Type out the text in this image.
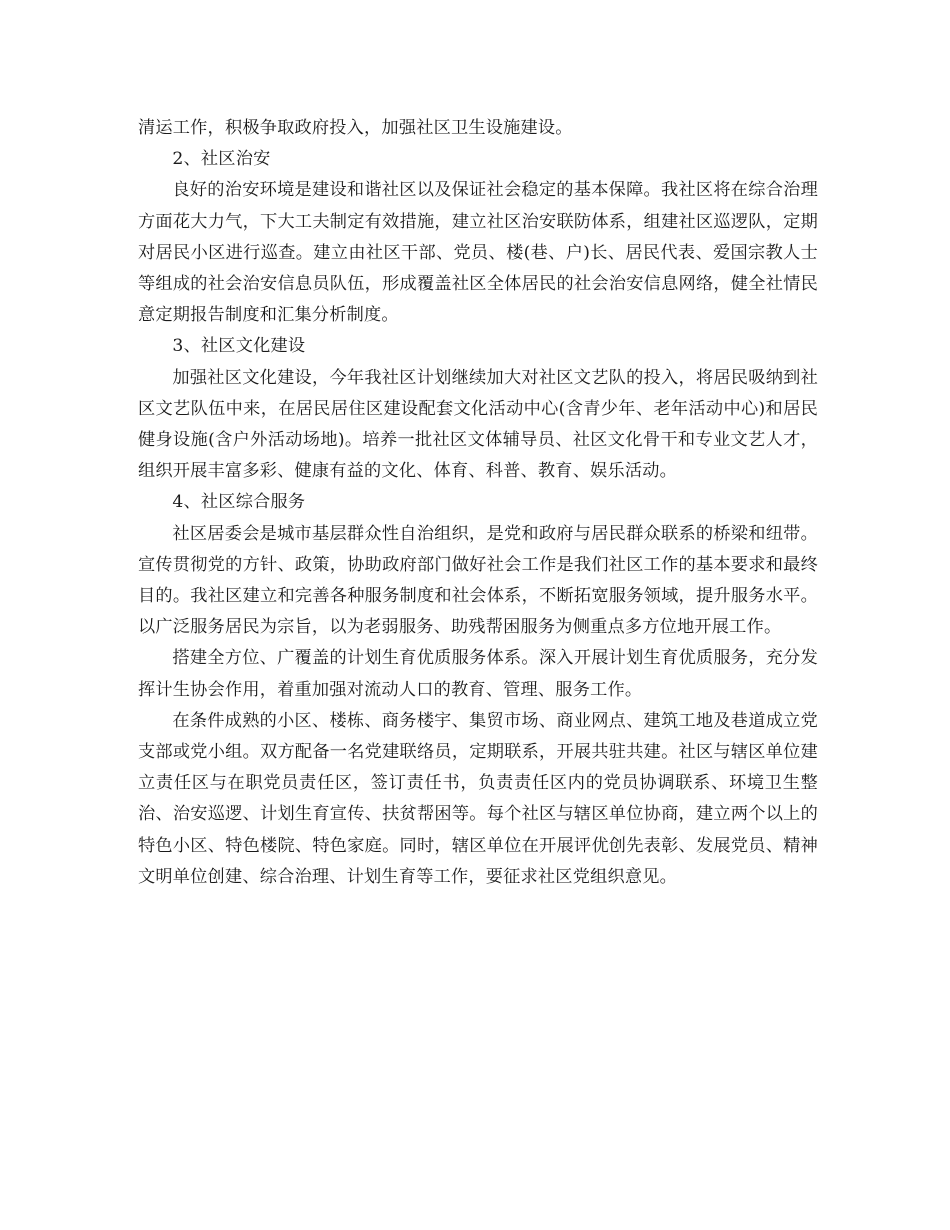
清运工作，积极争取政府投入，加强社区卫生设施建设。

2、社区治安

良好的治安环境是建设和谐社区以及保证社会稳定的基本保障。我社区将在综合治理方面花大力气，下大工夫制定有效措施，建立社区治安联防体系，组建社区巡逻队，定期对居民小区进行巡查。建立由社区干部、党员、楼(巷、户)长、居民代表、爱国宗教人士等组成的社会治安信息员队伍，形成覆盖社区全体居民的社会治安信息网络，健全社情民意定期报告制度和汇集分析制度。

3、社区文化建设

加强社区文化建设，今年我社区计划继续加大对社区文艺队的投入，将居民吸纳到社区文艺队伍中来，在居民居住区建设配套文化活动中心(含青少年、老年活动中心)和居民健身设施(含户外活动场地)。培养一批社区文体辅导员、社区文化骨干和专业文艺人才，组织开展丰富多彩、健康有益的文化、体育、科普、教育、娱乐活动。

4、社区综合服务

社区居委会是城市基层群众性自治组织，是党和政府与居民群众联系的桥梁和纽带。宣传贯彻党的方针、政策，协助政府部门做好社会工作是我们社区工作的基本要求和最终目的。我社区建立和完善各种服务制度和社会体系，不断拓宽服务领域，提升服务水平。以广泛服务居民为宗旨，以为老弱服务、助残帮困服务为侧重点多方位地开展工作。

搭建全方位、广覆盖的计划生育优质服务体系。深入开展计划生育优质服务，充分发挥计生协会作用，着重加强对流动人口的教育、管理、服务工作。

在条件成熟的小区、楼栋、商务楼宇、集贸市场、商业网点、建筑工地及巷道成立党支部或党小组。双方配备一名党建联络员，定期联系，开展共驻共建。社区与辖区单位建立责任区与在职党员责任区，签订责任书，负责责任区内的党员协调联系、环境卫生整治、治安巡逻、计划生育宣传、扶贫帮困等。每个社区与辖区单位协商，建立两个以上的特色小区、特色楼院、特色家庭。同时，辖区单位在开展评优创先表彰、发展党员、精神文明单位创建、综合治理、计划生育等工作，要征求社区党组织意见。
